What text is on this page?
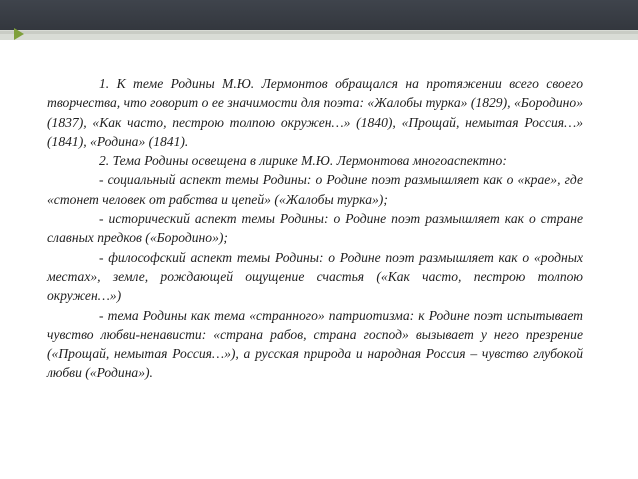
1. К теме Родины М.Ю. Лермонтов обращался на протяжении всего своего творчества, что говорит о ее значимости для поэта: «Жалобы турка» (1829), «Бородино» (1837), «Как часто, пестрою толпою окружен…» (1840), «Прощай, немытая Россия…» (1841), «Родина» (1841).

2. Тема Родины освещена в лирике М.Ю. Лермонтова многоаспектно:

- социальный аспект темы Родины: о Родине поэт размышляет как о «крае», где «стонет человек от рабства и цепей» («Жалобы турка»);

- исторический аспект темы Родины: о Родине поэт размышляет как о стране славных предков («Бородино»);

- философский аспект темы Родины: о Родине поэт размышляет как о «родных местах», земле, рождающей ощущение счастья («Как часто, пестрою толпою окружен…»)

- тема Родины как тема «странного» патриотизма: к Родине поэт испытывает чувство любви-ненависти: «страна рабов, страна господ» вызывает у него презрение («Прощай, немытая Россия…»), а русская природа и народная Россия – чувство глубокой любви («Родина»).
